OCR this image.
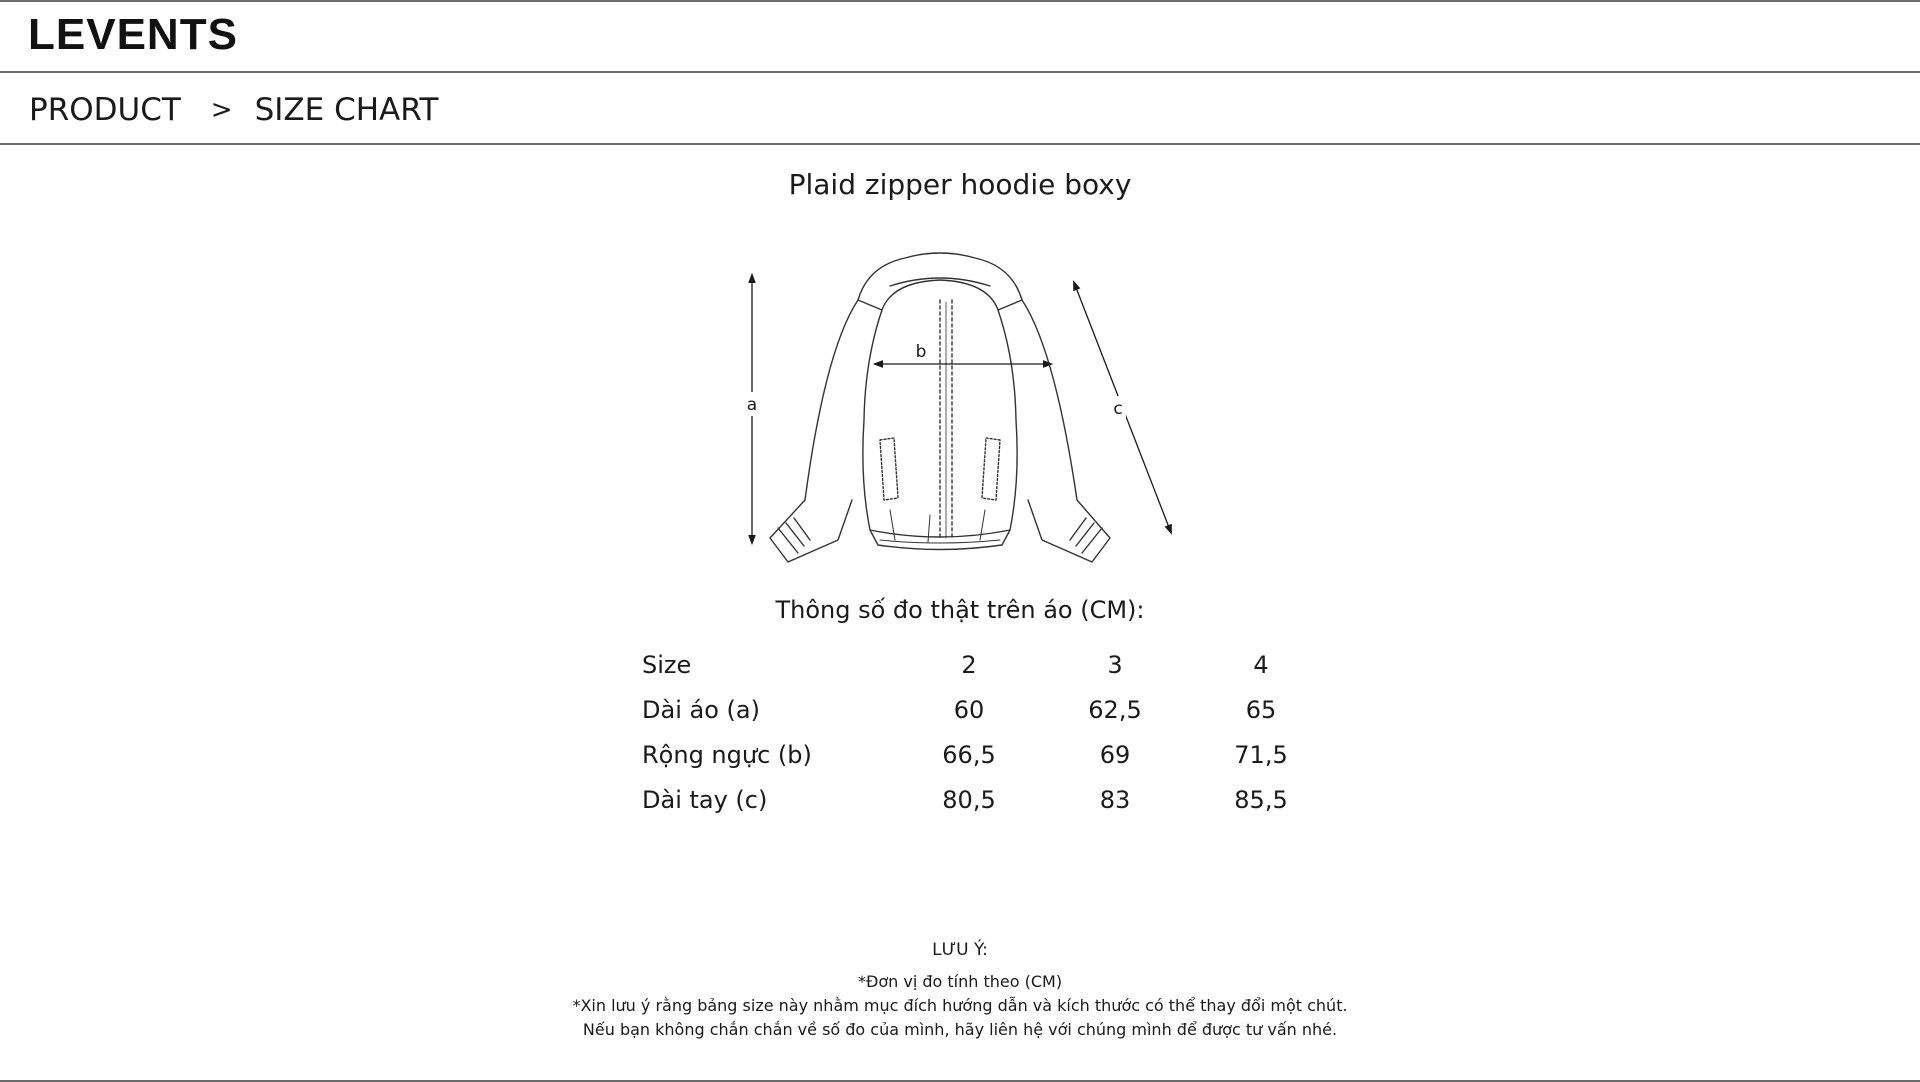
LEVENTS
PRODUCT > SIZE CHART
Plaid zipper hoodie boxy
a
b
c
Thông số đo thật trên áo (CM):
Size	2	3	4
Dài áo (a)	60	62,5	65
Rộng ngực (b)	66,5	69	71,5
Dài tay (c)	80,5	83	85,5
LƯU Ý:
*Đơn vị đo tính theo (CM)
*Xin lưu ý rằng bảng size này nhằm mục đích hướng dẫn và kích thước có thể thay đổi một chút.
Nếu bạn không chắn chắn về số đo của mình, hãy liên hệ với chúng mình để được tư vấn nhé.
